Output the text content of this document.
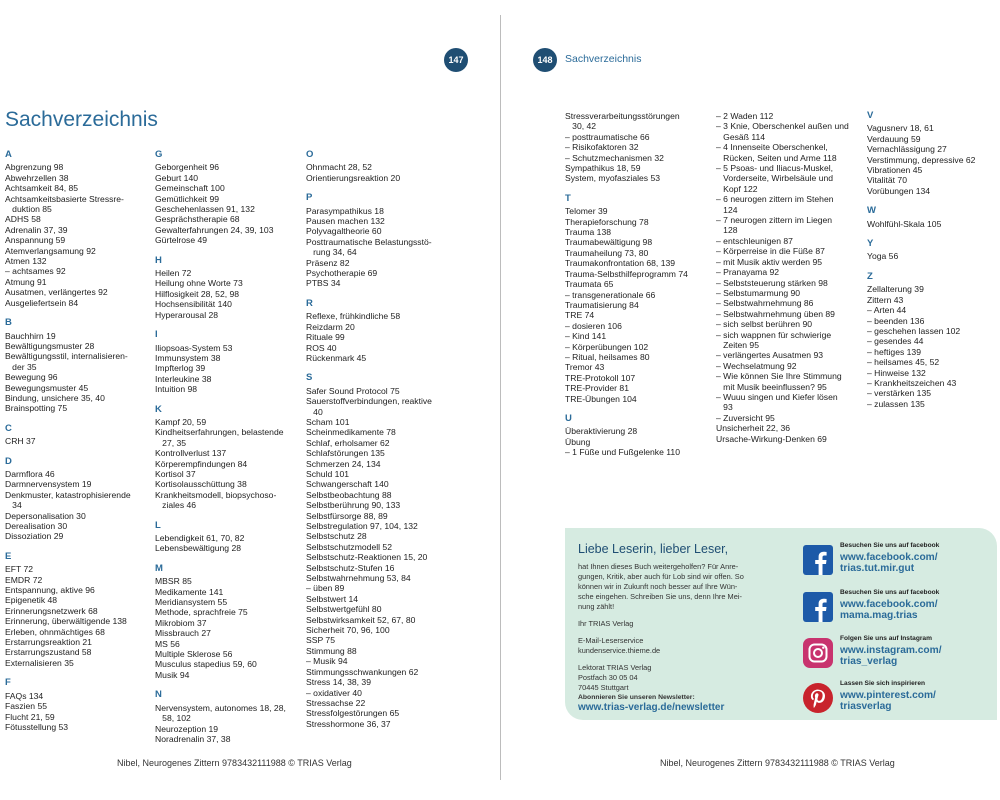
147
Sachverzeichnis
A
Abgrenzung 98
Abwehrzellen 38
Achtsamkeit 84, 85
Achtsamkeitsbasierte Stressre-
duktion 85
ADHS 58
Adrenalin 37, 39
Anspannung 59
Atemverlangsamung 92
Atmen 132
– achtsames 92
Atmung 91
Ausatmen, verlängertes 92
Ausgeliefertsein 84
B
Bauchhirn 19
Bewältigungsmuster 28
Bewältigungsstil, internalisieren-
der 35
Bewegung 96
Bewegungsmuster 45
Bindung, unsichere 35, 40
Brainspotting 75
C
CRH 37
D
Darmflora 46
Darmnervensystem 19
Denkmuster, katastrophisierende
34
Depersonalisation 30
Derealisation 30
Dissoziation 29
E
EFT 72
EMDR 72
Entspannung, aktive 96
Epigenetik 48
Erinnerungsnetzwerk 68
Erinnerung, überwältigende 138
Erleben, ohnmächtiges 68
Erstarrungsreaktion 21
Erstarrungszustand 58
Externalisieren 35
F
FAQs 134
Faszien 55
Flucht 21, 59
Fötusstellung 53
G
Geborgenheit 96
Geburt 140
Gemeinschaft 100
Gemütlichkeit 99
Geschehenlassen 91, 132
Gesprächstherapie 68
Gewalterfahrungen 24, 39, 103
Gürtelrose 49
H
Heilen 72
Heilung ohne Worte 73
Hilflosigkeit 28, 52, 98
Hochsensibilität 140
Hyperarousal 28
I
Iliopsoas-System 53
Immunsystem 38
Impfterlog 39
Interleukine 38
Intuition 98
K
Kampf 20, 59
Kindheitserfahrungen, belastende
27, 35
Kontrollverlust 137
Körperempfindungen 84
Kortisol 37
Kortisolausschüttung 38
Krankheitsmodell, biopsychoso-
ziales 46
L
Lebendigkeit 61, 70, 82
Lebensbewältigung 28
M
MBSR 85
Medikamente 141
Meridiansystem 55
Methode, sprachfreie 75
Mikrobiom 37
Missbrauch 27
MS 56
Multiple Sklerose 56
Musculus stapedius 59, 60
Musik 94
N
Nervensystem, autonomes 18, 28,
58, 102
Neurozeption 19
Noradrenalin 37, 38
O
Ohnmacht 28, 52
Orientierungsreaktion 20
P
Parasympathikus 18
Pausen machen 132
Polyvagaltheorie 60
Posttraumatische Belastungsstö-
rung 34, 64
Präsenz 82
Psychotherapie 69
PTBS 34
R
Reflexe, frühkindliche 58
Reizdarm 20
Rituale 99
ROS 40
Rückenmark 45
S
Safer Sound Protocol 75
Sauerstoffverbindungen, reaktive
40
Scham 101
Scheinmedikamente 78
Schlaf, erholsamer 62
Schlafstörungen 135
Schmerzen 24, 134
Schuld 101
Schwangerschaft 140
Selbstbeobachtung 88
Selbstberührung 90, 133
Selbstfürsorge 88, 89
Selbstregulation 97, 104, 132
Selbstschutz 28
Selbstschutzmodell 52
Selbstschutz-Reaktionen 15, 20
Selbstschutz-Stufen 16
Selbstwahrnehmung 53, 84
– üben 89
Selbstwert 14
Selbstwertgefühl 80
Selbstwirksamkeit 52, 67, 80
Sicherheit 70, 96, 100
SSP 75
Stimmung 88
– Musik 94
Stimmungsschwankungen 62
Stress 14, 38, 39
– oxidativer 40
Stressachse 22
Stressfolgestörungen 65
Stresshormone 36, 37
Nibel, Neurogenes Zittern 9783432111988 © TRIAS Verlag
148	Sachverzeichnis
Stressverarbeitungsstörungen
30, 42
– posttraumatische 66
– Risikofaktoren 32
– Schutzmechanismen 32
Sympathikus 18, 59
System, myofasziales 53
T
Telomer 39
Therapieforschung 78
Trauma 138
Traumabewältigung 98
Traumaheilung 73, 80
Traumakonfrontation 68, 139
Trauma-Selbsthilfeprogramm 74
Traumata 65
– transgenerationale 66
Traumatisierung 84
TRE 74
– dosieren 106
– Kind 141
– Körperübungen 102
– Ritual, heilsames 80
Tremor 43
TRE-Protokoll 107
TRE-Provider 81
TRE-Übungen 104
U
Überaktivierung 28
Übung
– 1 Füße und Fußgelenke 110
– 2 Waden 112
– 3 Knie, Oberschenkel außen und
Gesäß 114
– 4 Innenseite Oberschenkel,
Rücken, Seiten und Arme 118
– 5 Psoas- und Iliacus-Muskel,
Vorderseite, Wirbelsäule und
Kopf 122
– 6 neurogen zittern im Stehen
124
– 7 neurogen zittern im Liegen
128
– entschleunigen 87
– Körperreise in die Füße 87
– mit Musik aktiv werden 95
– Pranayama 92
– Selbststeuerung stärken 98
– Selbstumarmung 90
– Selbstwahrnehmung 86
– Selbstwahrnehmung üben 89
– sich selbst berühren 90
– sich wappnen für schwierige
Zeiten 95
– verlängertes Ausatmen 93
– Wechselatmung 92
– Wie können Sie Ihre Stimmung
mit Musik beeinflussen? 95
– Wuuu singen und Kiefer lösen
93
– Zuversicht 95
Unsicherheit 22, 36
Ursache-Wirkung-Denken 69
V
Vagusnerv 18, 61
Verdauung 59
Vernachlässigung 27
Verstimmung, depressive 62
Vibrationen 45
Vitalität 70
Vorübungen 134
W
Wohlfühl-Skala 105
Y
Yoga 56
Z
Zellalterung 39
Zittern 43
– Arten 44
– beenden 136
– geschehen lassen 102
– gesendes 44
– heftiges 139
– heilsames 45, 52
– Hinweise 132
– Krankheitszeichen 43
– verstärken 135
– zulassen 135
Liebe Leserin, lieber Leser,
hat Ihnen dieses Buch weitergeholfen? Für Anre-
gungen, Kritik, aber auch für Lob sind wir offen. So
können wir in Zukunft noch besser auf Ihre Wün-
sche eingehen. Schreiben Sie uns, denn Ihre Mei-
nung zählt!
Ihr TRIAS Verlag
E-Mail-Leserservice
kundenservice.thieme.de
Lektorat TRIAS Verlag
Postfach 30 05 04
70445 Stuttgart
Abonnieren Sie unseren Newsletter:
www.trias-verlag.de/newsletter
Besuchen Sie uns auf facebook
www.facebook.com/
trias.tut.mir.gut
Besuchen Sie uns auf facebook
www.facebook.com/
mama.mag.trias
Folgen Sie uns auf Instagram
www.instagram.com/
trias_verlag
Lassen Sie sich inspirieren
www.pinterest.com/
triasverlag
Nibel, Neurogenes Zittern 9783432111988 © TRIAS Verlag
